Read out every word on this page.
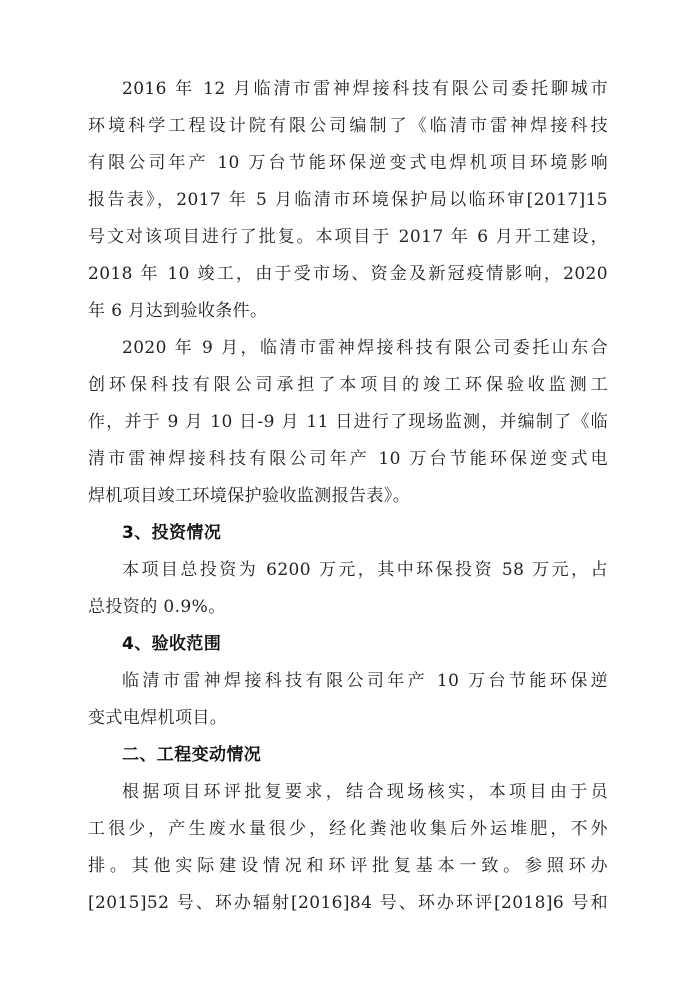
2016 年 12 月临清市雷神焊接科技有限公司委托聊城市
环境科学工程设计院有限公司编制了《临清市雷神焊接科技
有限公司年产 10 万台节能环保逆变式电焊机项目环境影响
报告表》，2017 年 5 月临清市环境保护局以临环审[2017]15
号文对该项目进行了批复。本项目于 2017 年 6 月开工建设，
2018 年 10 竣工，由于受市场、资金及新冠疫情影响，2020
年 6 月达到验收条件。
2020 年 9 月，临清市雷神焊接科技有限公司委托山东合
创环保科技有限公司承担了本项目的竣工环保验收监测工
作，并于 9 月 10 日-9 月 11 日进行了现场监测，并编制了《临
清市雷神焊接科技有限公司年产 10 万台节能环保逆变式电
焊机项目竣工环境保护验收监测报告表》。
3、投资情况
本项目总投资为 6200 万元，其中环保投资 58 万元，占
总投资的 0.9%。
4、验收范围
临清市雷神焊接科技有限公司年产 10 万台节能环保逆
变式电焊机项目。
二、工程变动情况
根据项目环评批复要求，结合现场核实，本项目由于员
工很少，产生废水量很少，经化粪池收集后外运堆肥，不外
排。其他实际建设情况和环评批复基本一致。参照环办
[2015]52 号、环办辐射[2016]84 号、环办环评[2018]6 号和
